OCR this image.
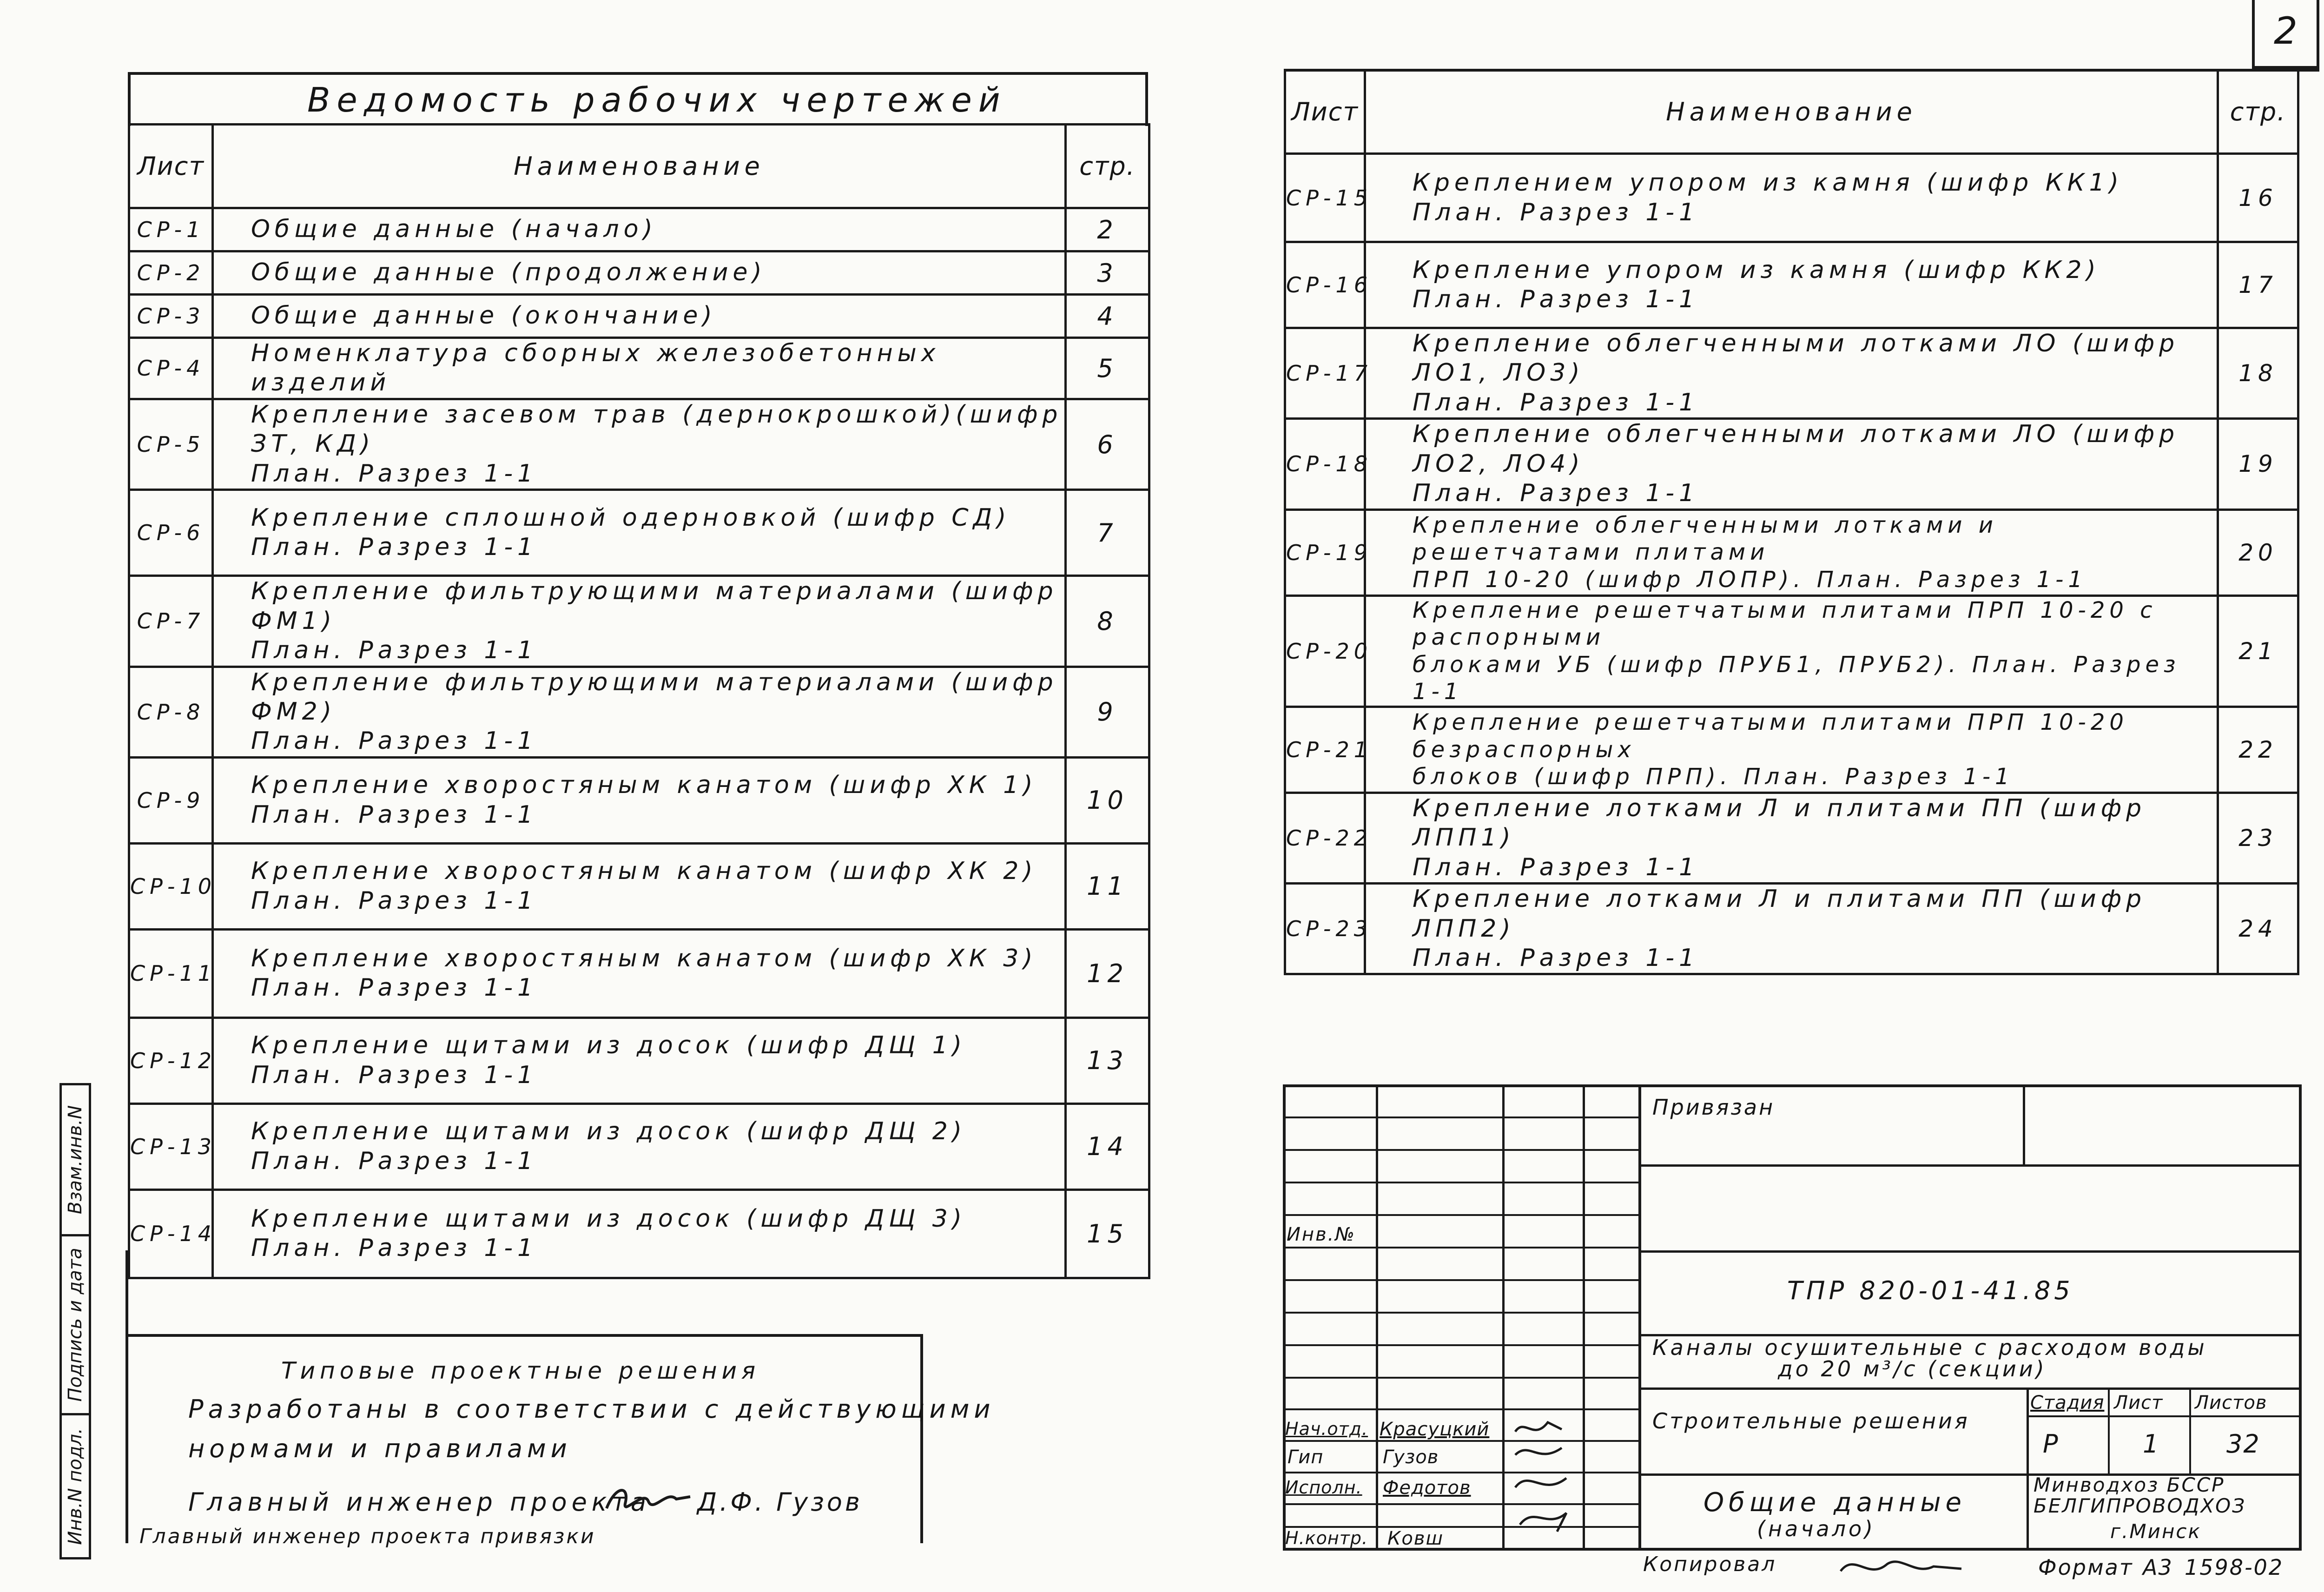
2
Ведомость рабочих чертежей
Лист	Наименование	стр.
СР-1	Общие данные (начало)	2
СР-2	Общие данные (продолжение)	3
СР-3	Общие данные (окончание)	4
СР-4	Номенклатура сборных железобетонных изделий	5
СР-5	Крепление засевом трав (дернокрошкой)(шифр ЗТ, КД)
План. Разрез 1-1	6
СР-6	Крепление сплошной одерновкой (шифр СД)
План. Разрез 1-1	7
СР-7	Крепление фильтрующими материалами (шифр ФМ1)
План. Разрез 1-1	8
СР-8	Крепление фильтрующими материалами (шифр ФМ2)
План. Разрез 1-1	9
СР-9	Крепление хворостяным канатом (шифр ХК 1)
План. Разрез 1-1	10
СР-10	Крепление хворостяным канатом (шифр ХК 2)
План. Разрез 1-1	11
СР-11	Крепление хворостяным канатом (шифр ХК 3)
План. Разрез 1-1	12
СР-12	Крепление щитами из досок (шифр ДЩ 1)
План. Разрез 1-1	13
СР-13	Крепление щитами из досок (шифр ДЩ 2)
План. Разрез 1-1	14
СР-14	Крепление щитами из досок (шифр ДЩ 3)
План. Разрез 1-1	15
Типовые проектные решения
Разработаны в соответствии с действующими
нормами и правилами
Главный инженер проекта Д.Ф. Гузов
Главный инженер проекта привязки
Взам.инв.N
Подпись и дата
Инв.N подл.
Лист	Наименование	стр.
СР-15	Креплением упором из камня (шифр КК1)
План. Разрез 1-1	16
СР-16	Крепление упором из камня (шифр КК2)
План. Разрез 1-1	17
СР-17	Крепление облегченными лотками ЛО (шифр ЛО1, ЛО3)
План. Разрез 1-1	18
СР-18	Крепление облегченными лотками ЛО (шифр ЛО2, ЛО4)
План. Разрез 1-1	19
СР-19	Крепление облегченными лотками и решетчатами плитами
ПРП 10-20 (шифр ЛОПР). План. Разрез 1-1	20
СР-20	Крепление решетчатыми плитами ПРП 10-20 с распорными
блоками УБ (шифр ПРУБ1, ПРУБ2). План. Разрез 1-1	21
СР-21	Крепление решетчатыми плитами ПРП 10-20 безраспорных
блоков (шифр ПРП). План. Разрез 1-1	22
СР-22	Крепление лотками Л и плитами ПП (шифр ЛПП1)
План. Разрез 1-1	23
СР-23	Крепление лотками Л и плитами ПП (шифр ЛПП2)
План. Разрез 1-1	24
Привязан
Инв.№
ТПР 820-01-41.85
Каналы осушительные с расходом воды
до 20 м³/с (секции)
Строительные решения
Стадия Лист Листов
Р	1	32
Общие данные
(начало)
Минводхоз БССР
БЕЛГИПРОВОДХОЗ
г.Минск
Нач.отд. Красуцкий
Гип	Гузов
Исполн. Федотов
Н.контр. Ковш
Копировал	Формат А3 1598-02
